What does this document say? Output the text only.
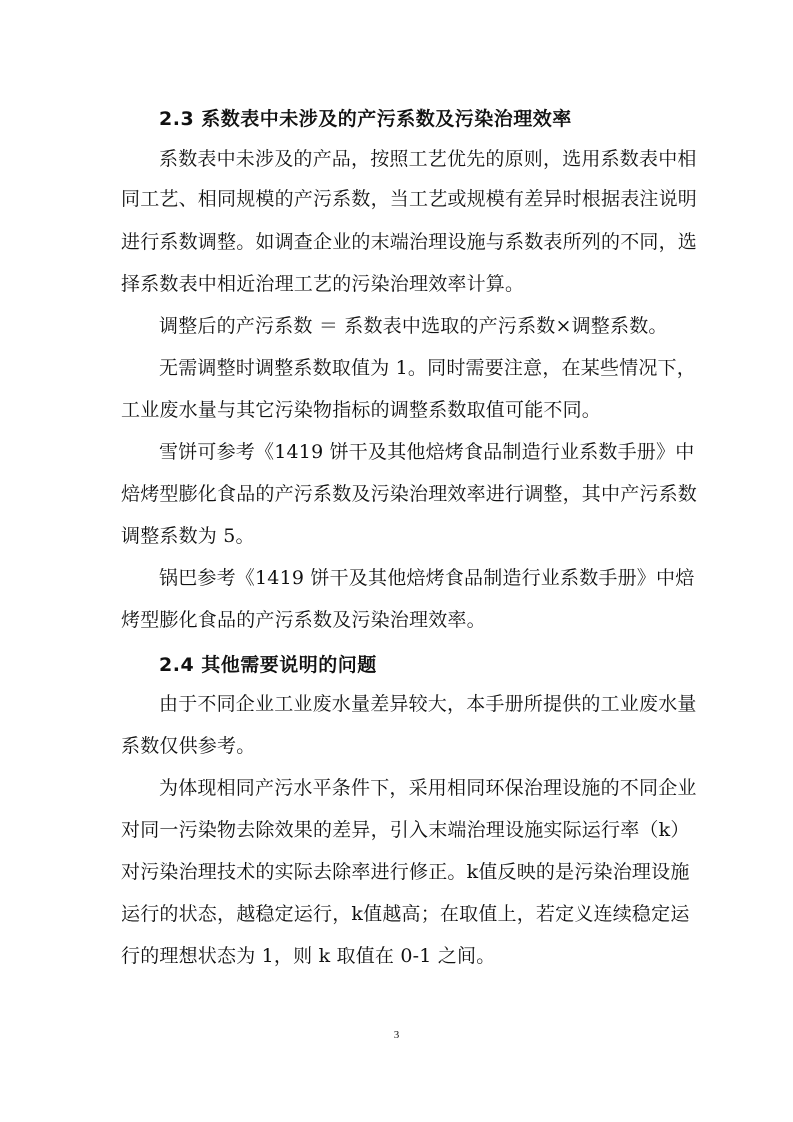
2.3 系数表中未涉及的产污系数及污染治理效率
系数表中未涉及的产品，按照工艺优先的原则，选用系数表中相
同工艺、相同规模的产污系数，当工艺或规模有差异时根据表注说明
进行系数调整。如调查企业的末端治理设施与系数表所列的不同，选
择系数表中相近治理工艺的污染治理效率计算。
调整后的产污系数 ＝ 系数表中选取的产污系数×调整系数。
无需调整时调整系数取值为 1。同时需要注意，在某些情况下，
工业废水量与其它污染物指标的调整系数取值可能不同。
雪饼可参考《1419 饼干及其他焙烤食品制造行业系数手册》中
焙烤型膨化食品的产污系数及污染治理效率进行调整，其中产污系数
调整系数为 5。
锅巴参考《1419 饼干及其他焙烤食品制造行业系数手册》中焙
烤型膨化食品的产污系数及污染治理效率。
2.4 其他需要说明的问题
由于不同企业工业废水量差异较大，本手册所提供的工业废水量
系数仅供参考。
为体现相同产污水平条件下，采用相同环保治理设施的不同企业
对同一污染物去除效果的差异，引入末端治理设施实际运行率（k）
对污染治理技术的实际去除率进行修正。k值反映的是污染治理设施
运行的状态，越稳定运行，k值越高；在取值上，若定义连续稳定运
行的理想状态为 1，则 k 取值在 0-1 之间。
3
